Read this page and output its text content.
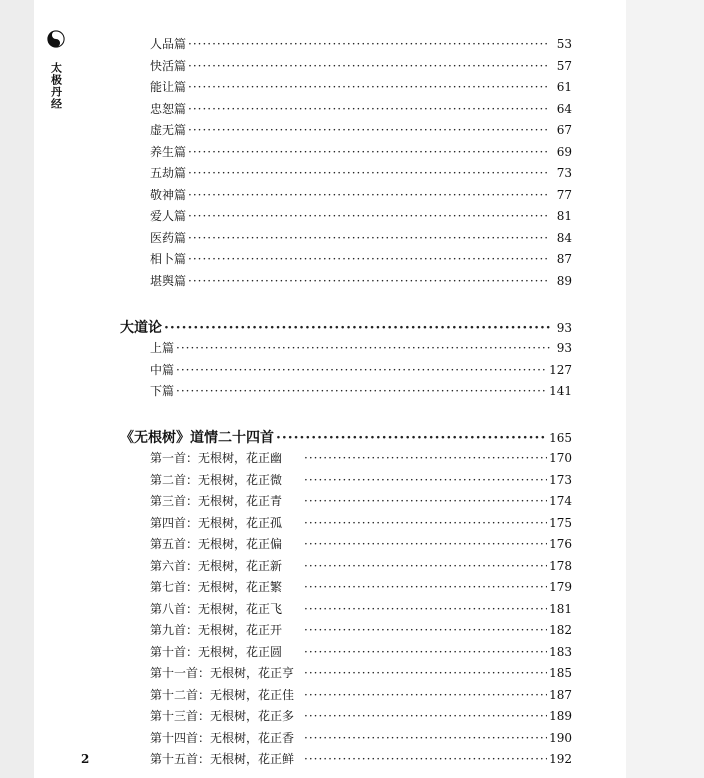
太极丹经
人品篇 ·····	53
快活篇 ·····	57
能让篇 ·····	61
忠恕篇 ·····	64
虚无篇 ·····	67
养生篇 ·····	69
五劫篇 ·····	73
敬神篇 ·····	77
爱人篇 ·····	81
医药篇 ·····	84
相卜篇 ·····	87
堪舆篇 ·····	89
大道论 ·····	93
上篇 ·····	93
中篇 ·····	127
下篇 ·····	141
《无根树》道情二十四首 ·····	165
第一首：无根树，花正幽 ·····	170
第二首：无根树，花正微 ·····	173
第三首：无根树，花正青 ·····	174
第四首：无根树，花正孤 ·····	175
第五首：无根树，花正偏 ·····	176
第六首：无根树，花正新 ·····	178
第七首：无根树，花正繁 ·····	179
第八首：无根树，花正飞 ·····	181
第九首：无根树，花正开 ·····	182
第十首：无根树，花正圆 ·····	183
第十一首：无根树，花正亨 ·····	185
第十二首：无根树，花正佳 ·····	187
第十三首：无根树，花正多 ·····	189
第十四首：无根树，花正香 ·····	190
第十五首：无根树，花正鲜 ·····	192
2
